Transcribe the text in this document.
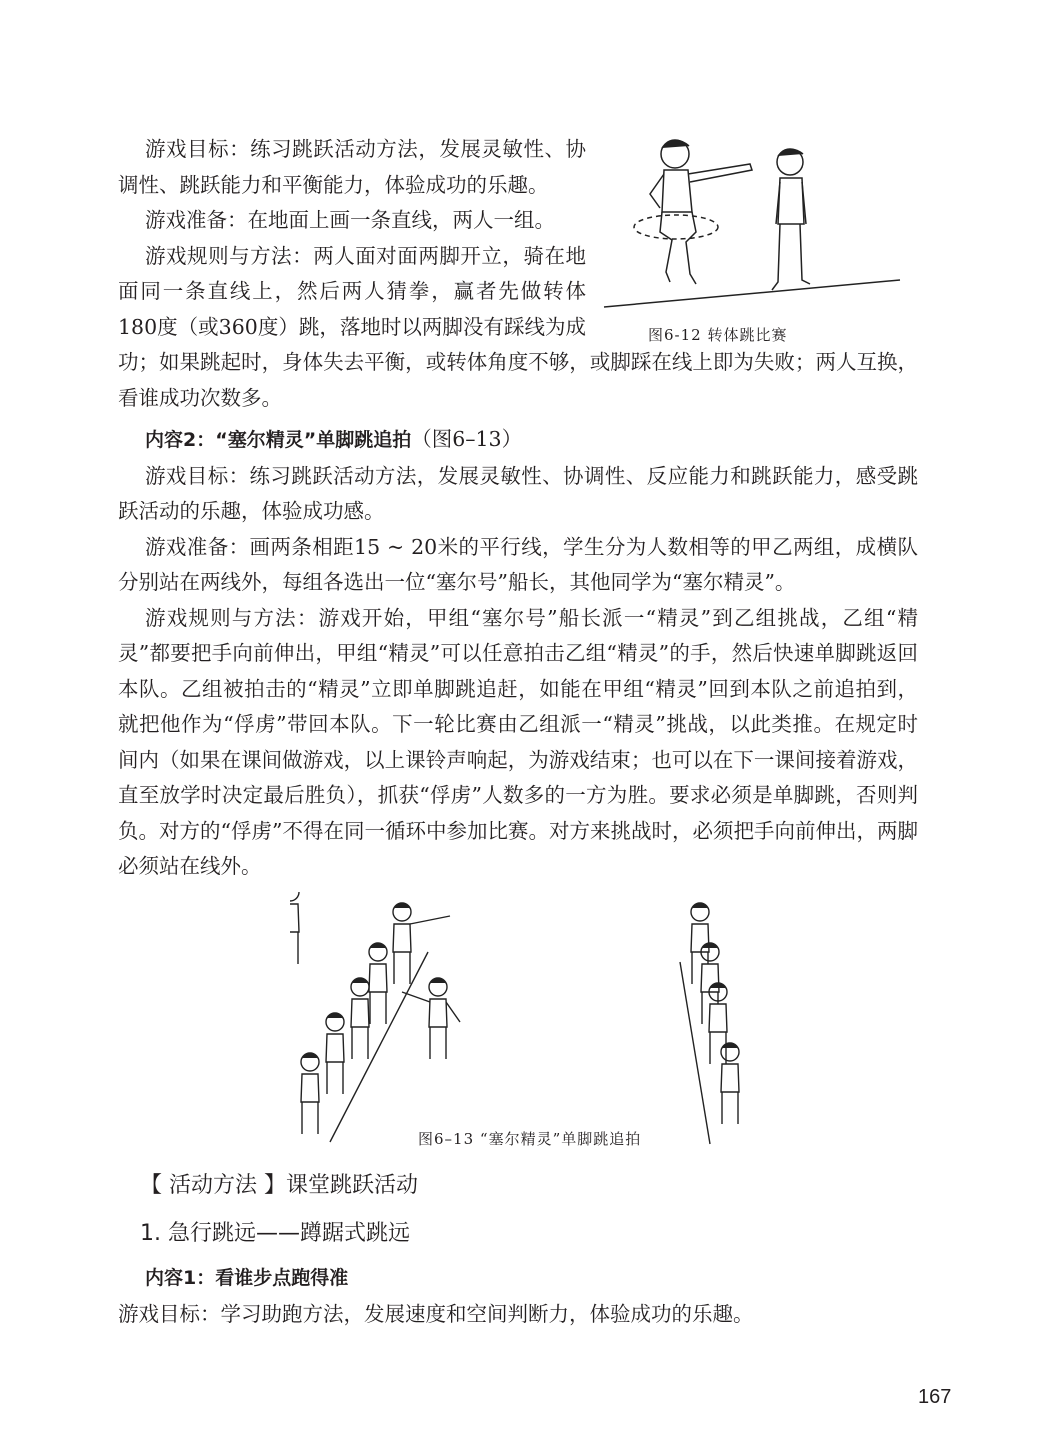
图6-12 转体跳比赛

游戏目标：练习跳跃活动方法，发展灵敏性、协调性、跳跃能力和平衡能力，体验成功的乐趣。

游戏准备：在地面上画一条直线，两人一组。

游戏规则与方法：两人面对面两脚开立，骑在地面同一条直线上，然后两人猜拳，赢者先做转体180度（或360度）跳，落地时以两脚没有踩线为成功；如果跳起时，身体失去平衡，或转体角度不够，或脚踩在线上即为失败；两人互换，看谁成功次数多。

内容2：“塞尔精灵”单脚跳追拍（图6–13）

游戏目标：练习跳跃活动方法，发展灵敏性、协调性、反应能力和跳跃能力，感受跳跃活动的乐趣，体验成功感。

游戏准备：画两条相距15 ~ 20米的平行线，学生分为人数相等的甲乙两组，成横队分别站在两线外，每组各选出一位“塞尔号”船长，其他同学为“塞尔精灵”。

游戏规则与方法：游戏开始，甲组“塞尔号”船长派一“精灵”到乙组挑战，乙组“精灵”都要把手向前伸出，甲组“精灵”可以任意拍击乙组“精灵”的手，然后快速单脚跳返回本队。乙组被拍击的“精灵”立即单脚跳追赶，如能在甲组“精灵”回到本队之前追拍到，就把他作为“俘虏”带回本队。下一轮比赛由乙组派一“精灵”挑战，以此类推。在规定时间内（如果在课间做游戏，以上课铃声响起，为游戏结束；也可以在下一课间接着游戏，直至放学时决定最后胜负），抓获“俘虏”人数多的一方为胜。要求必须是单脚跳，否则判负。对方的“俘虏”不得在同一循环中参加比赛。对方来挑战时，必须把手向前伸出，两脚必须站在线外。

图6–13 “塞尔精灵”单脚跳追拍
【 活动方法 】课堂跳跃活动
1. 急行跳远——蹲踞式跳远

内容1：看谁步点跑得准

游戏目标：学习助跑方法，发展速度和空间判断力，体验成功的乐趣。

167
